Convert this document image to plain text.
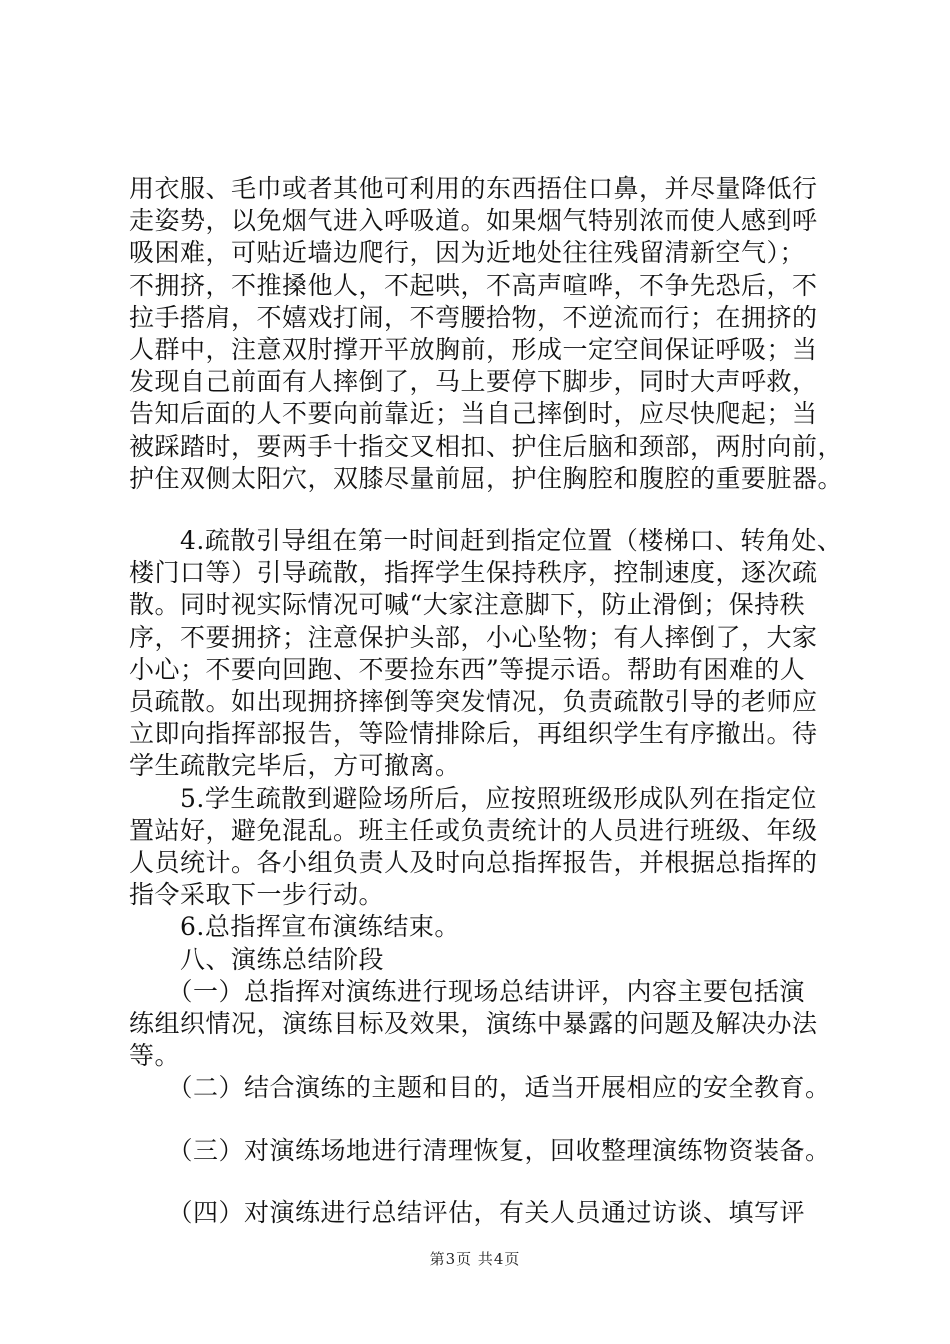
用衣服、毛巾或者其他可利用的东西捂住口鼻，并尽量降低行
走姿势，以免烟气进入呼吸道。如果烟气特别浓而使人感到呼
吸困难，可贴近墙边爬行，因为近地处往往残留清新空气）；
不拥挤，不推搡他人，不起哄，不高声喧哗，不争先恐后，不
拉手搭肩，不嬉戏打闹，不弯腰拾物，不逆流而行；在拥挤的
人群中，注意双肘撑开平放胸前，形成一定空间保证呼吸；当
发现自己前面有人摔倒了，马上要停下脚步，同时大声呼救，
告知后面的人不要向前靠近；当自己摔倒时，应尽快爬起；当
被踩踏时，要两手十指交叉相扣、护住后脑和颈部，两肘向前，
护住双侧太阳穴，双膝尽量前屈，护住胸腔和腹腔的重要脏器。
　　4.疏散引导组在第一时间赶到指定位置（楼梯口、转角处、
楼门口等）引导疏散，指挥学生保持秩序，控制速度，逐次疏
散。同时视实际情况可喊“大家注意脚下，防止滑倒；保持秩
序，不要拥挤；注意保护头部，小心坠物；有人摔倒了，大家
小心；不要向回跑、不要捡东西”等提示语。帮助有困难的人
员疏散。如出现拥挤摔倒等突发情况，负责疏散引导的老师应
立即向指挥部报告，等险情排除后，再组织学生有序撤出。待
学生疏散完毕后，方可撤离。
　　5.学生疏散到避险场所后，应按照班级形成队列在指定位
置站好，避免混乱。班主任或负责统计的人员进行班级、年级
人员统计。各小组负责人及时向总指挥报告，并根据总指挥的
指令采取下一步行动。
　　6.总指挥宣布演练结束。
　　八、演练总结阶段
　　（一）总指挥对演练进行现场总结讲评，内容主要包括演
练组织情况，演练目标及效果，演练中暴露的问题及解决办法
等。
　　（二）结合演练的主题和目的，适当开展相应的安全教育。
　　（三）对演练场地进行清理恢复，回收整理演练物资装备。
　　（四）对演练进行总结评估，有关人员通过访谈、填写评
第3页 共4页
